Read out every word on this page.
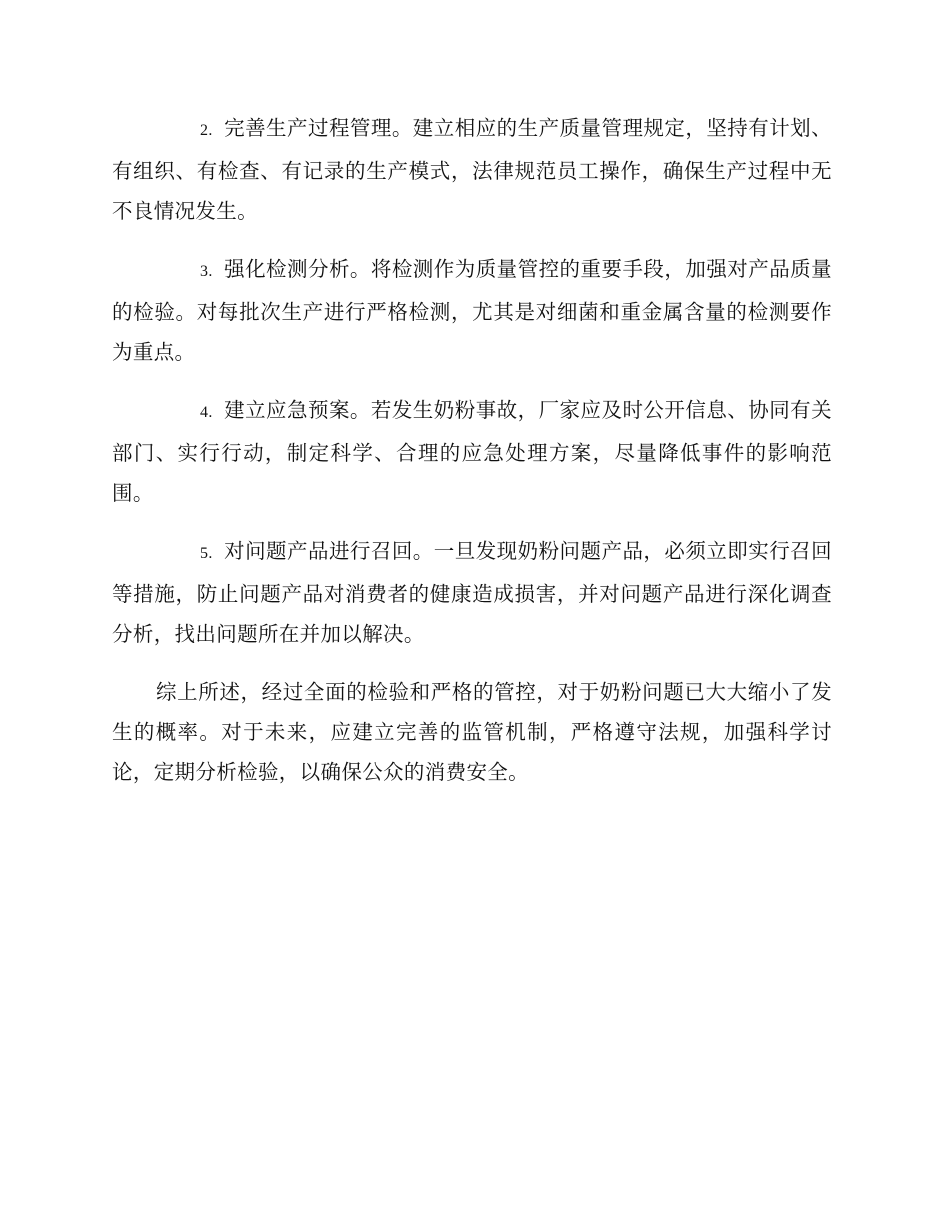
2. 完善生产过程管理。建立相应的生产质量管理规定，坚持有计划、有组织、有检查、有记录的生产模式，法律规范员工操作，确保生产过程中无不良情况发生。

3. 强化检测分析。将检测作为质量管控的重要手段，加强对产品质量的检验。对每批次生产进行严格检测，尤其是对细菌和重金属含量的检测要作为重点。

4. 建立应急预案。若发生奶粉事故，厂家应及时公开信息、协同有关部门、实行行动，制定科学、合理的应急处理方案，尽量降低事件的影响范围。

5. 对问题产品进行召回。一旦发现奶粉问题产品，必须立即实行召回等措施，防止问题产品对消费者的健康造成损害，并对问题产品进行深化调查分析，找出问题所在并加以解决。

综上所述，经过全面的检验和严格的管控，对于奶粉问题已大大缩小了发生的概率。对于未来，应建立完善的监管机制，严格遵守法规，加强科学讨论，定期分析检验，以确保公众的消费安全。
